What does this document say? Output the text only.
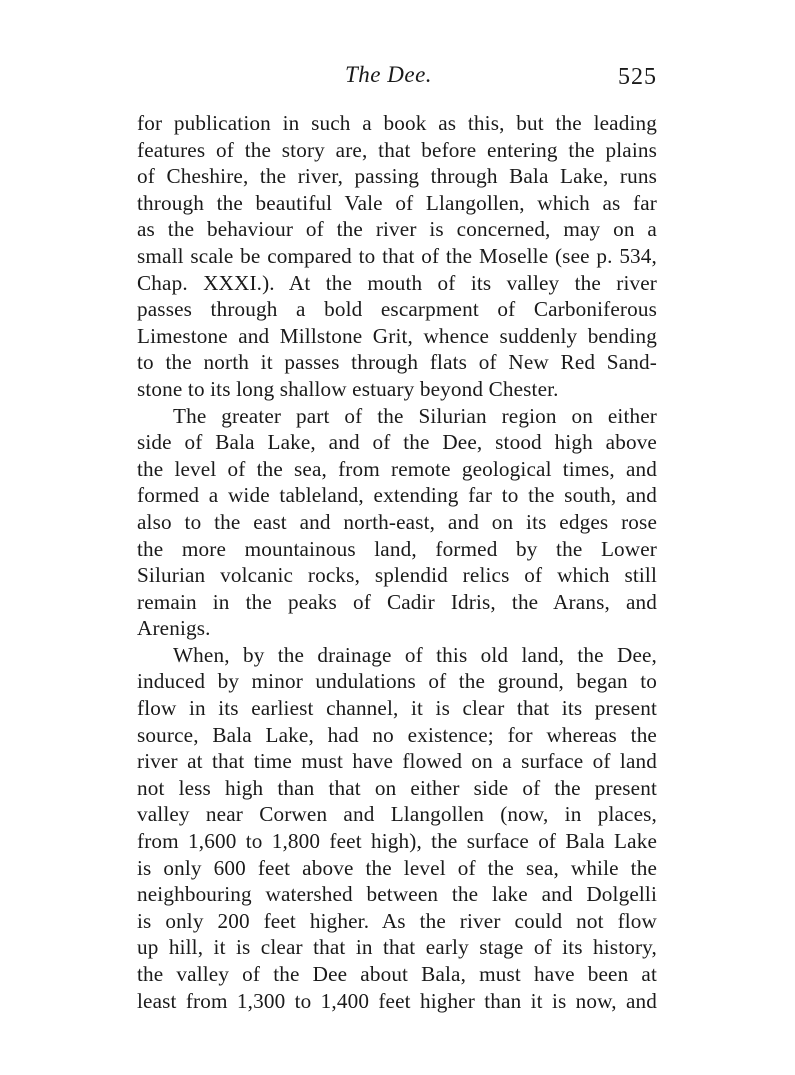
The Dee.	525
for publication in such a book as this, but the leading
features of the story are, that before entering the plains
of Cheshire, the river, passing through Bala Lake, runs
through the beautiful Vale of Llangollen, which as far
as the behaviour of the river is concerned, may on a
small scale be compared to that of the Moselle (see p. 534,
Chap. XXXI.). At the mouth of its valley the river
passes through a bold escarpment of Carboniferous
Limestone and Millstone Grit, whence suddenly bending
to the north it passes through flats of New Red Sand-
stone to its long shallow estuary beyond Chester.
The greater part of the Silurian region on either
side of Bala Lake, and of the Dee, stood high above
the level of the sea, from remote geological times, and
formed a wide tableland, extending far to the south, and
also to the east and north-east, and on its edges rose
the more mountainous land, formed by the Lower
Silurian volcanic rocks, splendid relics of which still
remain in the peaks of Cadir Idris, the Arans, and
Arenigs.
When, by the drainage of this old land, the Dee,
induced by minor undulations of the ground, began to
flow in its earliest channel, it is clear that its present
source, Bala Lake, had no existence; for whereas the
river at that time must have flowed on a surface of land
not less high than that on either side of the present
valley near Corwen and Llangollen (now, in places,
from 1,600 to 1,800 feet high), the surface of Bala Lake
is only 600 feet above the level of the sea, while the
neighbouring watershed between the lake and Dolgelli
is only 200 feet higher. As the river could not flow
up hill, it is clear that in that early stage of its history,
the valley of the Dee about Bala, must have been at
least from 1,300 to 1,400 feet higher than it is now, and
